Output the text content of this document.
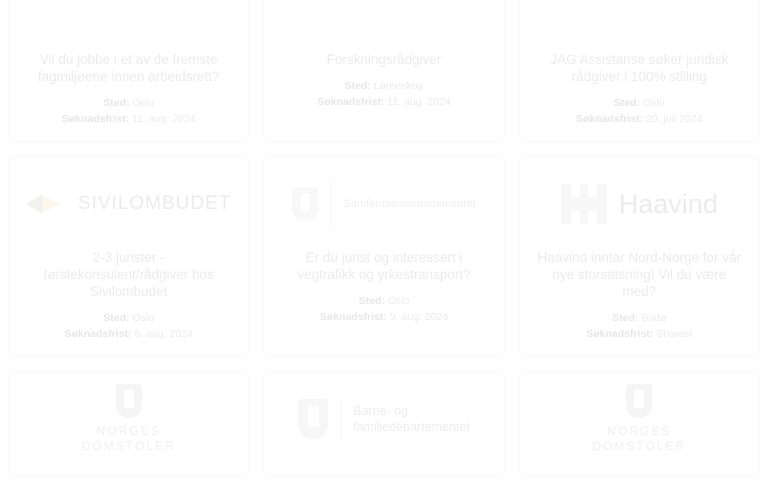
Vil du jobbe i et av de fremste fagmiljøene innen arbeidsrett?
Sted: Oslo
Søknadsfrist: 11. aug. 2024
Forskningsrådgiver
Sted: Lørenskog
Søknadsfrist: 11. aug. 2024
JAG Assistanse søker juridisk rådgiver i 100% stilling
Sted: Oslo
Søknadsfrist: 20. juli 2024
SIVILOMBUDET
2-3 jurister - førstekonsulent/rådgiver hos Sivilombudet
Sted: Oslo
Søknadsfrist: 6. aug. 2024
Samferdselsdepartementet
Er du jurist og interessert i vegtrafikk og yrkestransport?
Sted: Oslo
Søknadsfrist: 9. aug. 2024
Haavind
Haavind inntar Nord-Norge for vår nye storsatsning! Vil du være med?
Sted: Bodø
Søknadsfrist: Snarest
NORGES
DOMSTOLER
Barne- og
familiedepartementet	NORGES
DOMSTOLER
